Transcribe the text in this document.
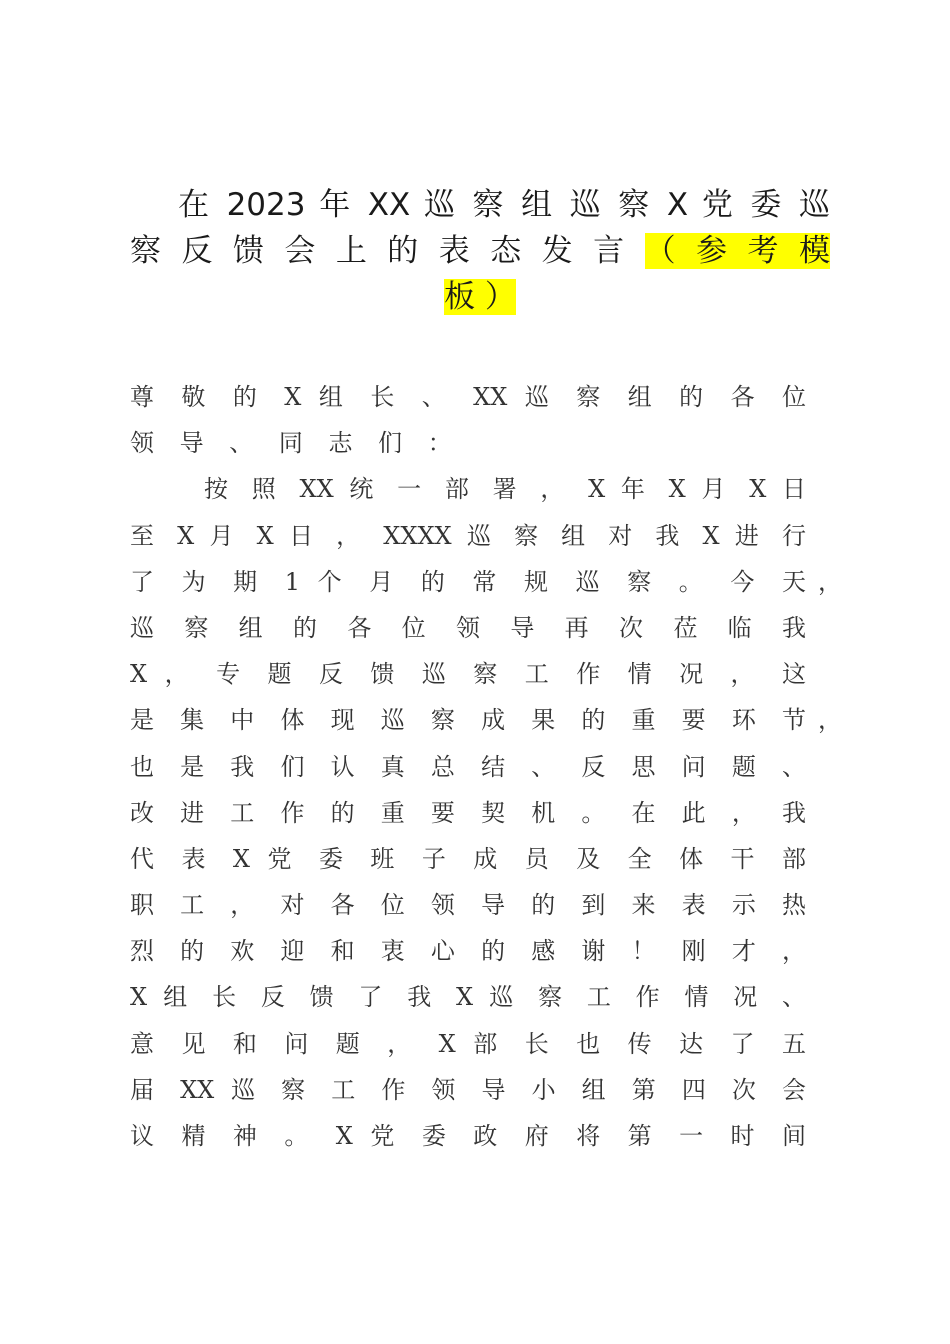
在 2023 年 XX 巡 察 组 巡 察 X 党 委 巡
察 反 馈 会 上 的 表 态 发 言 （ 参 考 模
板 ）
尊 敬 的 X 组 长 、 XX 巡 察 组 的 各 位
领 导 、 同 志 们 ：
按 照 XX 统 一 部 署 ， X 年 X 月 X 日
至 X 月 X 日 ， XXXX 巡 察 组 对 我 X 进 行
了 为 期 1 个 月 的 常 规 巡 察 。 今 天 ，
巡 察 组 的 各 位 领 导 再 次 莅 临 我
X ， 专 题 反 馈 巡 察 工 作 情 况 ， 这
是 集 中 体 现 巡 察 成 果 的 重 要 环 节 ，
也 是 我 们 认 真 总 结 、 反 思 问 题 、
改 进 工 作 的 重 要 契 机 。 在 此 ， 我
代 表 X 党 委 班 子 成 员 及 全 体 干 部
职 工 ， 对 各 位 领 导 的 到 来 表 示 热
烈 的 欢 迎 和 衷 心 的 感 谢 ！ 刚 才 ，
X 组 长 反 馈 了 我 X 巡 察 工 作 情 况 、
意 见 和 问 题 ， X 部 长 也 传 达 了 五
届 XX 巡 察 工 作 领 导 小 组 第 四 次 会
议 精 神 。 X 党 委 政 府 将 第 一 时 间
